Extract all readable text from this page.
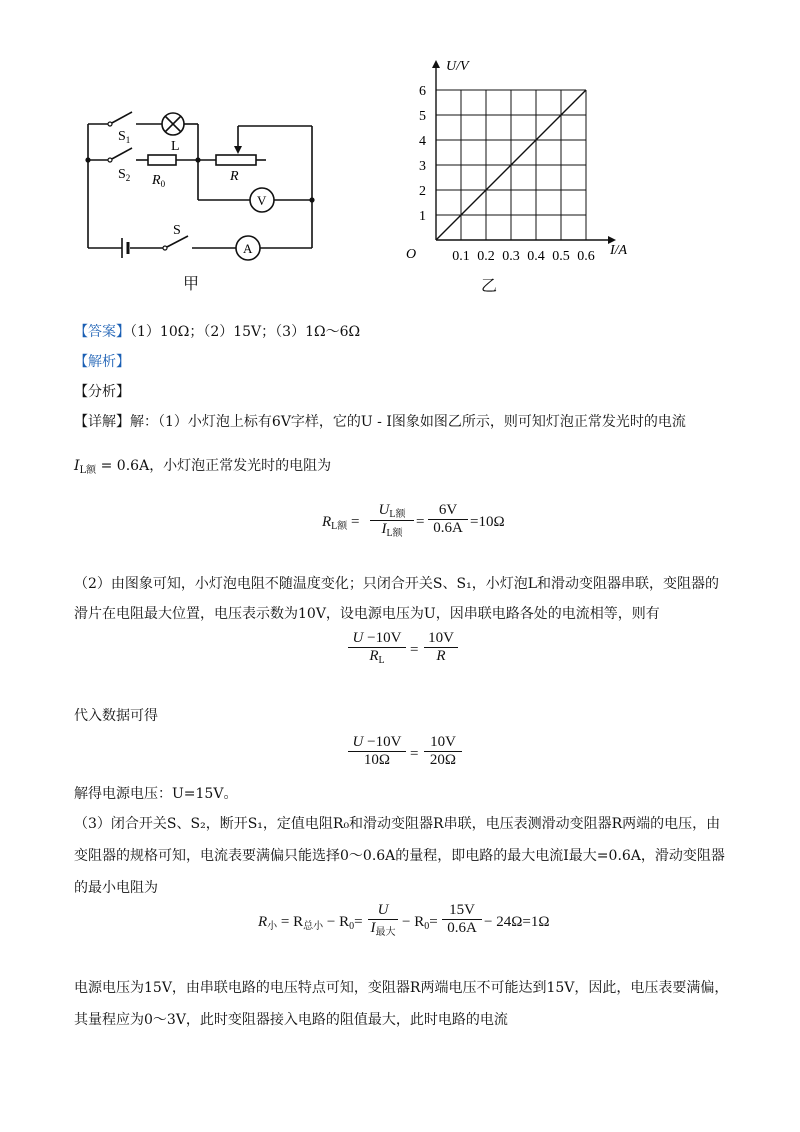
$S_1$	L
$S_2$ $R_0$	R
V
S
A
甲
0.1 0.2 0.3 0.4 0.5 0.6
1
2
3
4
5
6
O
U/V
I/A
乙
【答案】（1）10Ω；（2）15V；（3）1Ω～6Ω
【解析】
【分析】
【详解】解：（1）小灯泡上标有6V字样，它的U - I图象如图乙所示，则可知灯泡正常发光时的电流
$I_{L额} = 0.6A$，小灯泡正常发光时的电阻为
$R_{L额}$ =
$U_{L额}$
$I_{L额}$
= $\frac{6V}{0.6A} =10\Omega$
（2）由图象可知，小灯泡电阻不随温度变化；只闭合开关S、S₁，小灯泡L和滑动变阻器串联，变阻器的
滑片在电阻最大位置，电压表示数为10V，设电源电压为U，因串联电路各处的电流相等，则有
$\frac{U -10V}{R_L} = \frac{10V}{R}$
代入数据可得
$\frac{U -10V}{10\Omega} = \frac{10V}{20\Omega}$
解得电源电压：U=15V。
（3）闭合开关S、S₂，断开S₁，定值电阻R₀和滑动变阻器R串联，电压表测滑动变阻器R两端的电压，由
变阻器的规格可知，电流表要满偏只能选择0～0.6A的量程，即电路的最大电流I最大=0.6A，滑动变阻器
的最小电阻为
$R_小 = R_{总小} - R_0=$
U
$I_{最大}$
− $R_0= \frac{15V}{0.6A} - 24\Omega=1\Omega$
电源电压为15V，由串联电路的电压特点可知，变阻器R两端电压不可能达到15V，因此，电压表要满偏，
其量程应为0～3V，此时变阻器接入电路的阻值最大，此时电路的电流
